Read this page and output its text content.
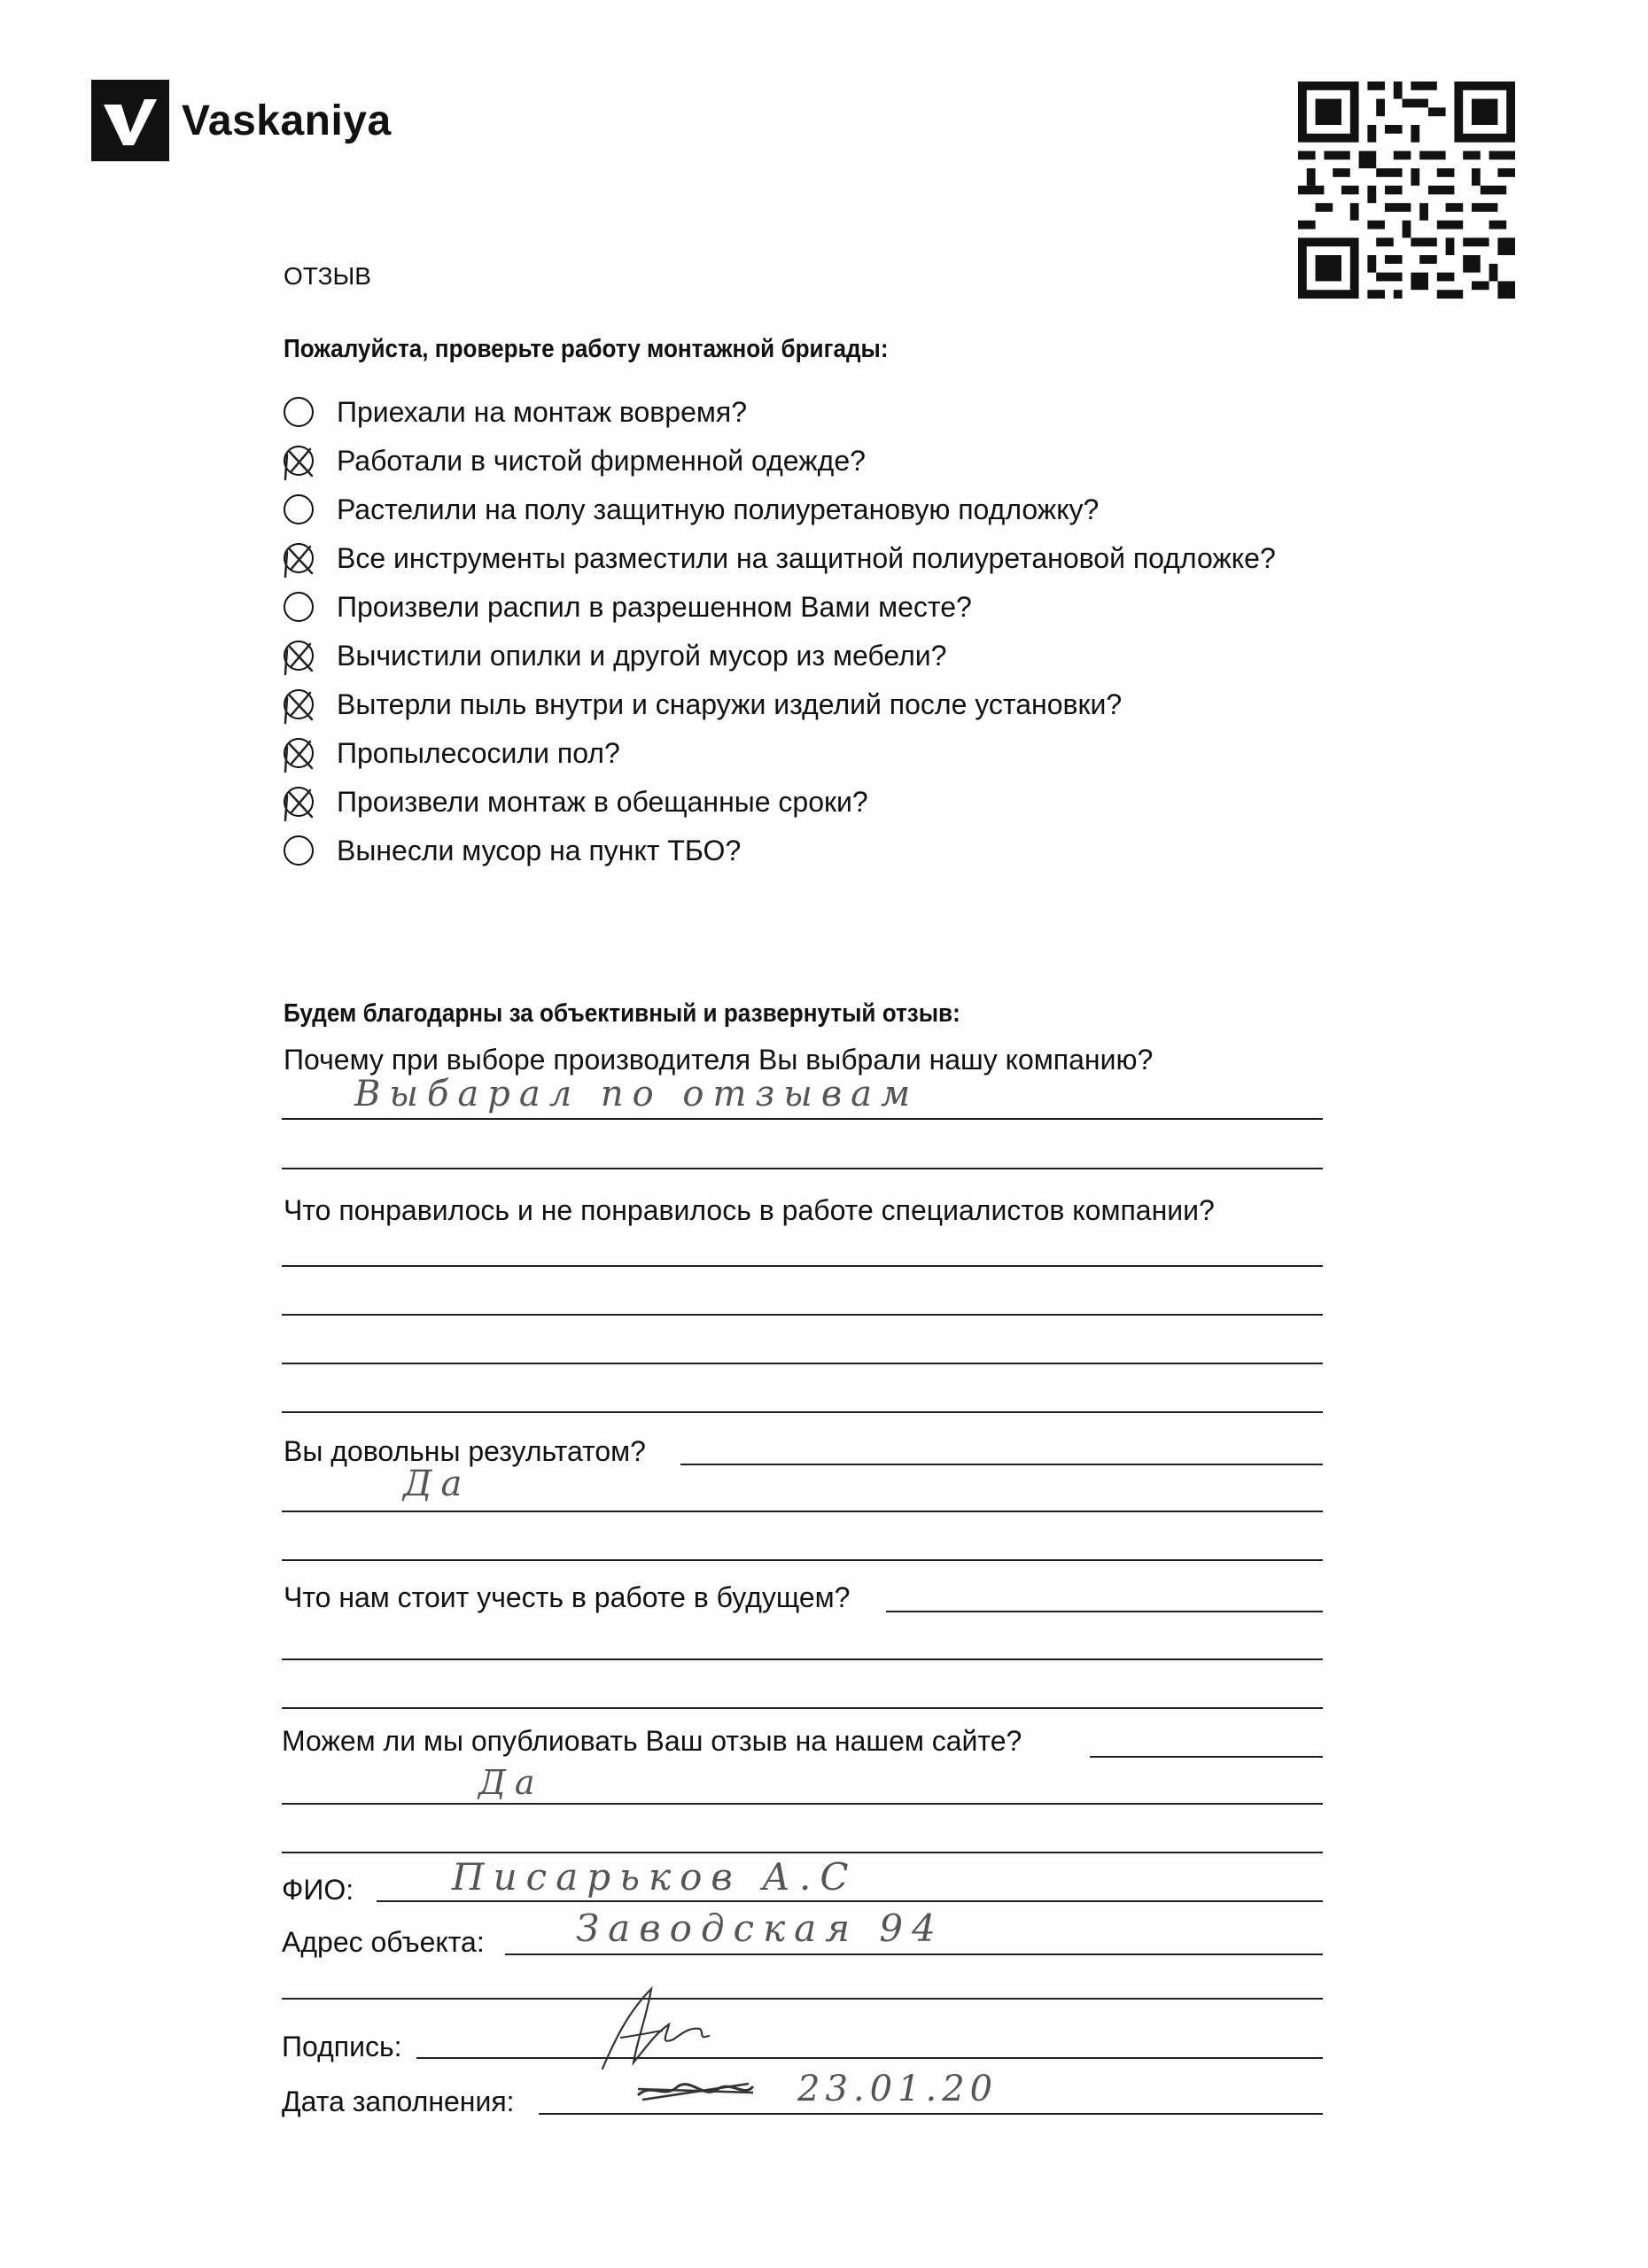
Vaskaniya
ОТЗЫВ
Пожалуйста, проверьте работу монтажной бригады:
Приехали на монтаж вовремя?
Работали в чистой фирменной одежде?
Растелили на полу защитную полиуретановую подложку?
Все инструменты разместили на защитной полиуретановой подложке?
Произвели распил в разрешенном Вами месте?
Вычистили опилки и другой мусор из мебели?
Вытерли пыль внутри и снаружи изделий после установки?
Пропылесосили пол?
Произвели монтаж в обещанные сроки?
Вынесли мусор на пункт ТБО?
Будем благодарны за объективный и развернутый отзыв:
Почему при выборе производителя Вы выбрали нашу компанию?
Выбарал по отзывам
Что понравилось и не понравилось в работе специалистов компании?
Вы довольны результатом?
Да
Что нам стоит учесть в работе в будущем?
Можем ли мы опублиовать Ваш отзыв на нашем сайте?
Да
ФИО:	Писарьков А.С
Адрес объекта: Заводская 94
Подпись:
Дата заполнения:	23.01.20
